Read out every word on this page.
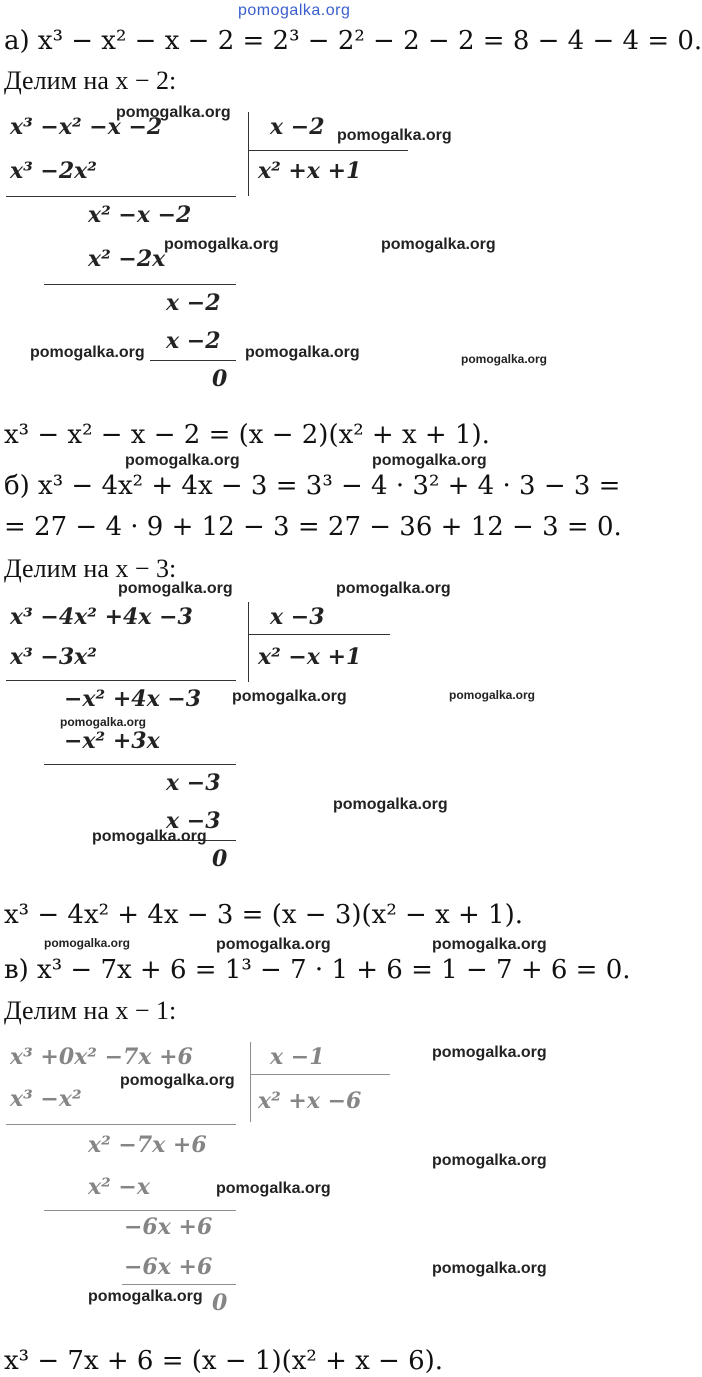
pomogalka.org
а) x³ − x² − x − 2 = 2³ − 2² − 2 − 2 = 8 − 4 − 4 = 0.
Делим на x − 2:
x³ −x² −x −2
x³ −2x²
x² −x −2
x² −2x
x −2
x −2
0
x −2
x² +x +1
pomogalka.org
pomogalka.org
pomogalka.org	pomogalka.org
pomogalka.org	pomogalka.org	pomogalka.org
x³ − x² − x − 2 = (x − 2)(x² + x + 1).
pomogalka.org	pomogalka.org
б) x³ − 4x² + 4x − 3 = 3³ − 4 · 3² + 4 · 3 − 3 =
= 27 − 4 · 9 + 12 − 3 = 27 − 36 + 12 − 3 = 0.
Делим на x − 3:
x³ −4x² +4x −3
x³ −3x²
−x² +4x −3
−x² +3x
x −3
x −3
0
x −3
x² −x +1
pomogalka.org	pomogalka.org
pomogalka.org	pomogalka.org
pomogalka.org
pomogalka.org
pomogalka.org
x³ − 4x² + 4x − 3 = (x − 3)(x² − x + 1).
pomogalka.org	pomogalka.org	pomogalka.org
в) x³ − 7x + 6 = 1³ − 7 · 1 + 6 = 1 − 7 + 6 = 0.
Делим на x − 1:
x³ +0x² −7x +6
x³ −x²
x² −7x +6
x² −x
−6x +6
−6x +6
0
x −1
x² +x −6
pomogalka.org
pomogalka.org
pomogalka.org
pomogalka.org
pomogalka.org
pomogalka.org
x³ − 7x + 6 = (x − 1)(x² + x − 6).
